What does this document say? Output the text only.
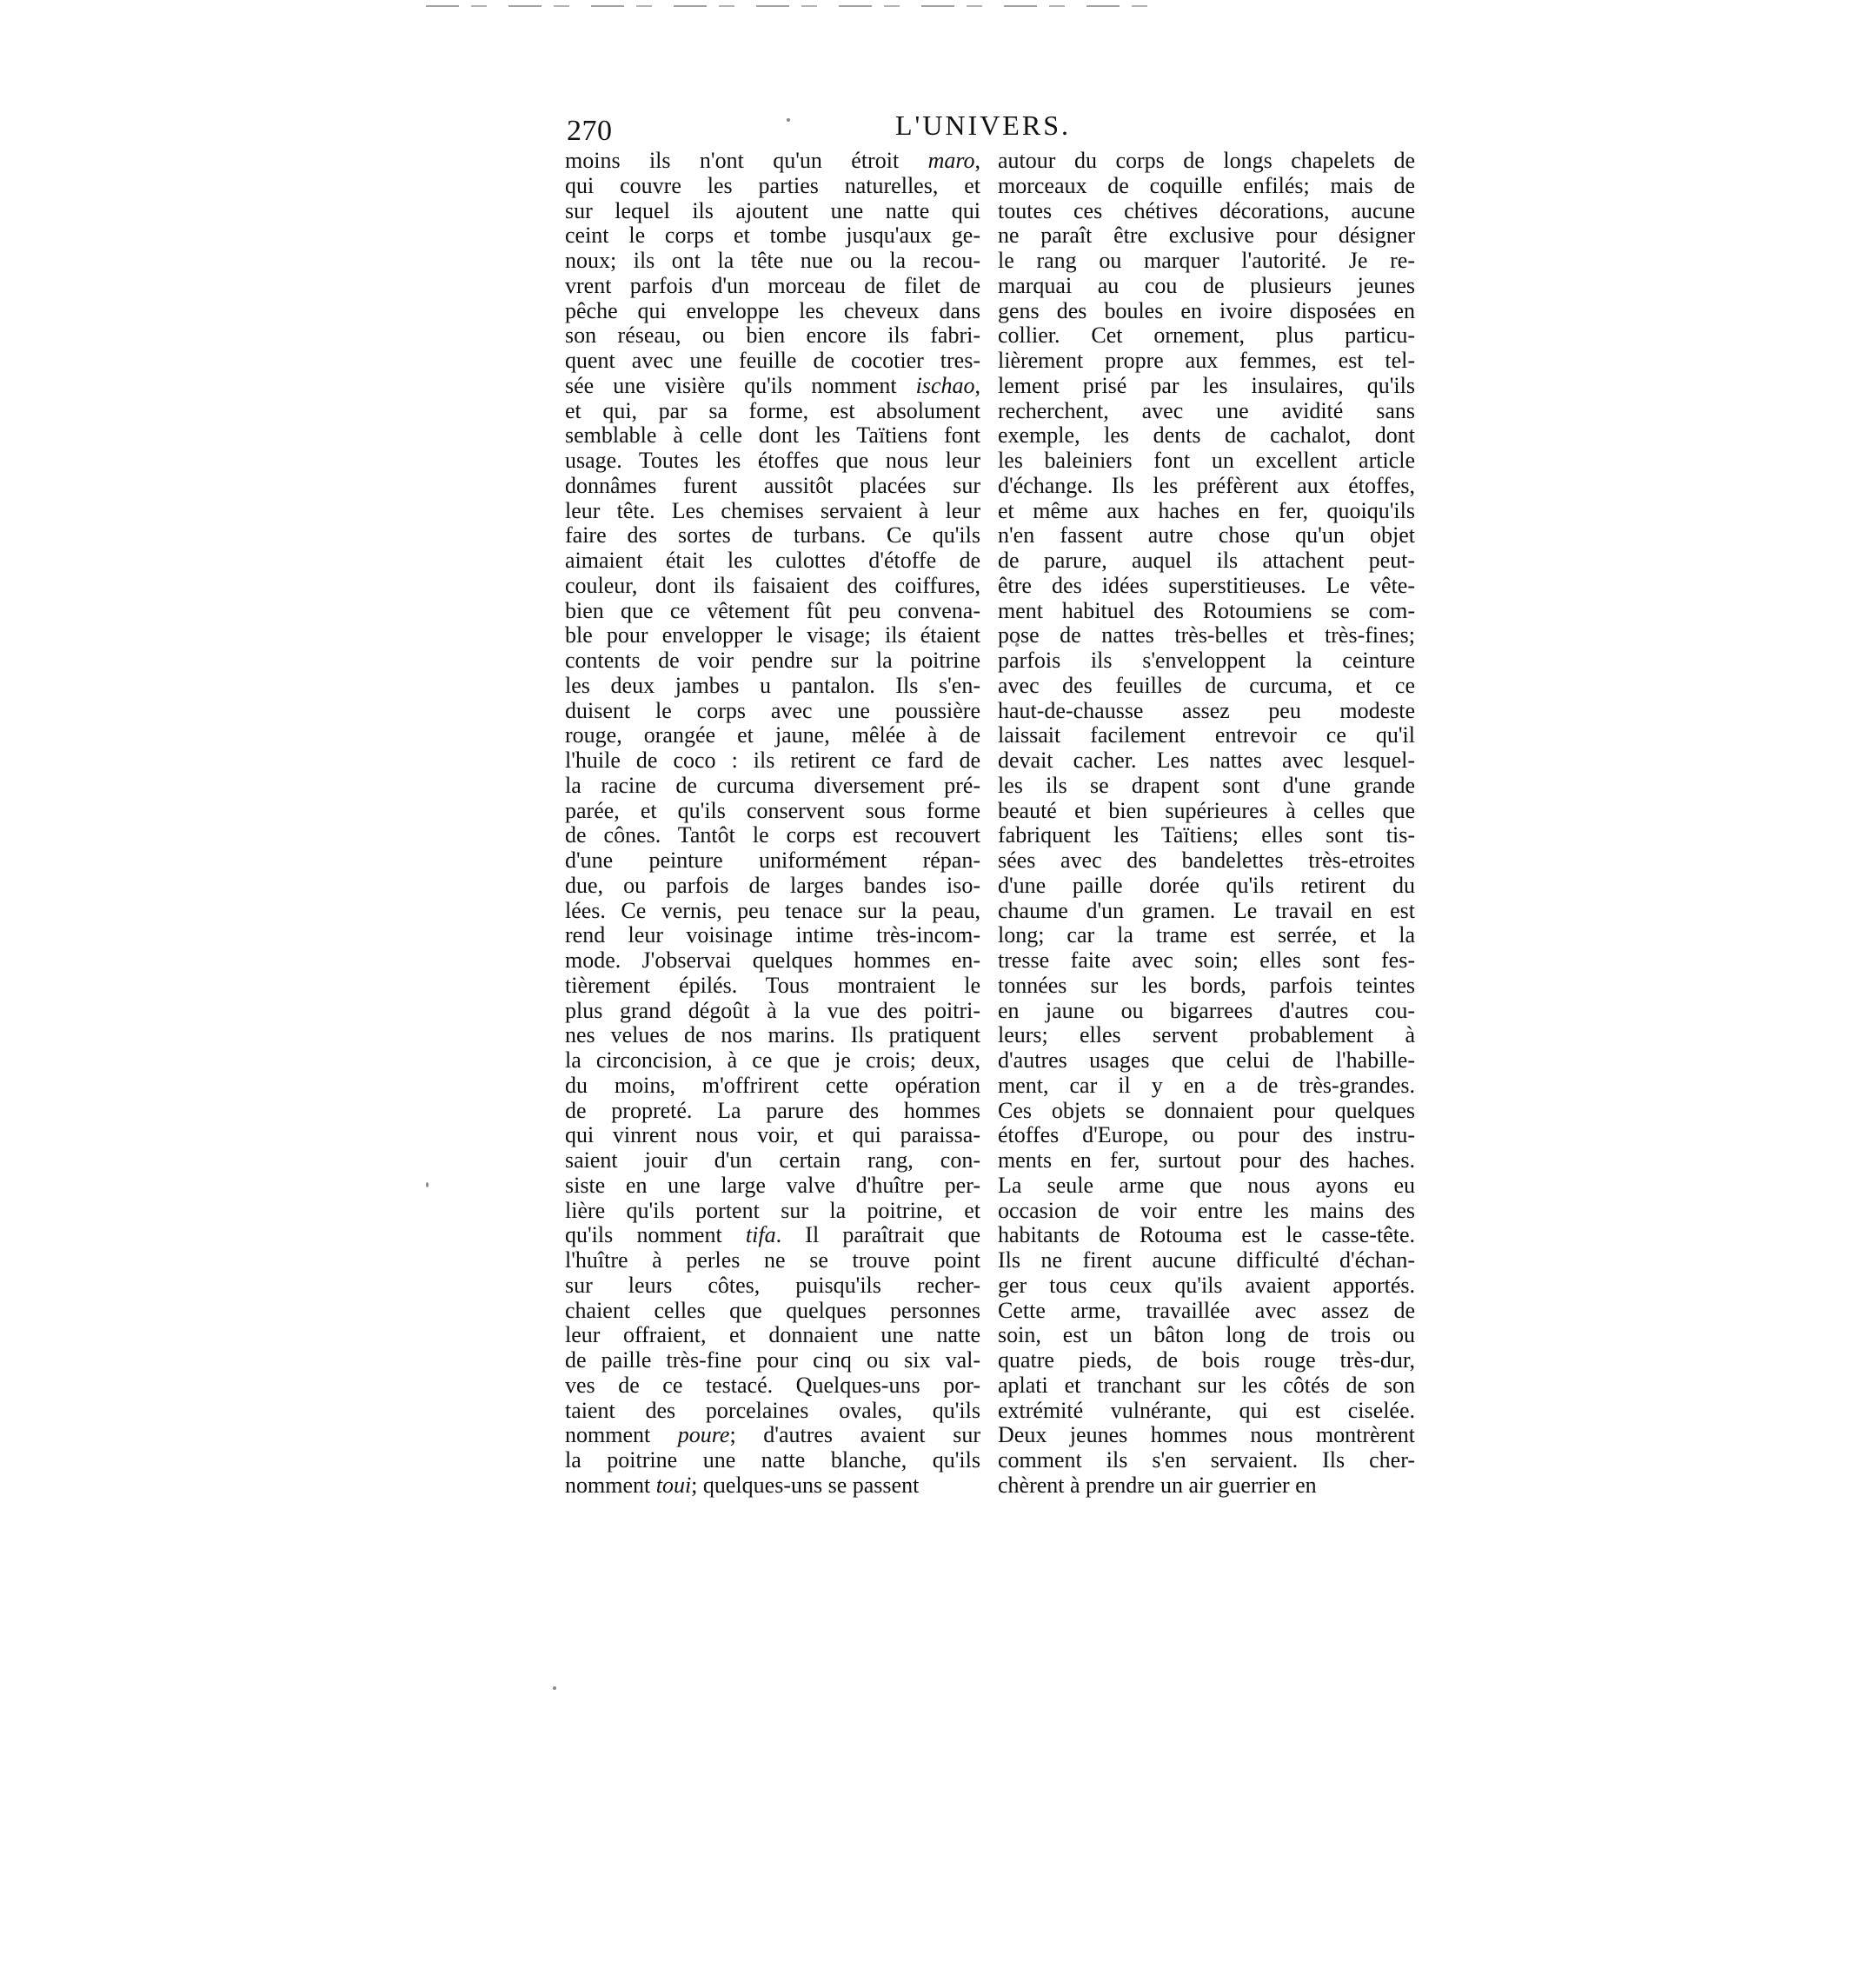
270	L'UNIVERS.
moins ils n'ont qu'un étroit maro,
qui couvre les parties naturelles, et
sur lequel ils ajoutent une natte qui
ceint le corps et tombe jusqu'aux ge-
noux; ils ont la tête nue ou la recou-
vrent parfois d'un morceau de filet de
pêche qui enveloppe les cheveux dans
son réseau, ou bien encore ils fabri-
quent avec une feuille de cocotier tres-
sée une visière qu'ils nomment ischao,
et qui, par sa forme, est absolument
semblable à celle dont les Taïtiens font
usage. Toutes les étoffes que nous leur
donnâmes furent aussitôt placées sur
leur tête. Les chemises servaient à leur
faire des sortes de turbans. Ce qu'ils
aimaient était les culottes d'étoffe de
couleur, dont ils faisaient des coiffures,
bien que ce vêtement fût peu convena-
ble pour envelopper le visage; ils étaient
contents de voir pendre sur la poitrine
les deux jambes u pantalon. Ils s'en-
duisent le corps avec une poussière
rouge, orangée et jaune, mêlée à de
l'huile de coco : ils retirent ce fard de
la racine de curcuma diversement pré-
parée, et qu'ils conservent sous forme
de cônes. Tantôt le corps est recouvert
d'une peinture uniformément répan-
due, ou parfois de larges bandes iso-
lées. Ce vernis, peu tenace sur la peau,
rend leur voisinage intime très-incom-
mode. J'observai quelques hommes en-
tièrement épilés. Tous montraient le
plus grand dégoût à la vue des poitri-
nes velues de nos marins. Ils pratiquent
la circoncision, à ce que je crois; deux,
du moins, m'offrirent cette opération
de propreté. La parure des hommes
qui vinrent nous voir, et qui paraissa-
saient jouir d'un certain rang, con-
siste en une large valve d'huître per-
lière qu'ils portent sur la poitrine, et
qu'ils nomment tifa. Il paraîtrait que
l'huître à perles ne se trouve point
sur leurs côtes, puisqu'ils recher-
chaient celles que quelques personnes
leur offraient, et donnaient une natte
de paille très-fine pour cinq ou six val-
ves de ce testacé. Quelques-uns por-
taient des porcelaines ovales, qu'ils
nomment poure; d'autres avaient sur
la poitrine une natte blanche, qu'ils
nomment toui; quelques-uns se passent
autour du corps de longs chapelets de
morceaux de coquille enfilés; mais de
toutes ces chétives décorations, aucune
ne paraît être exclusive pour désigner
le rang ou marquer l'autorité. Je re-
marquai au cou de plusieurs jeunes
gens des boules en ivoire disposées en
collier. Cet ornement, plus particu-
lièrement propre aux femmes, est tel-
lement prisé par les insulaires, qu'ils
recherchent, avec une avidité sans
exemple, les dents de cachalot, dont
les baleiniers font un excellent article
d'échange. Ils les préfèrent aux étoffes,
et même aux haches en fer, quoiqu'ils
n'en fassent autre chose qu'un objet
de parure, auquel ils attachent peut-
être des idées superstitieuses. Le vête-
ment habituel des Rotoumiens se com-
pose de nattes très-belles et très-fines;
parfois ils s'enveloppent la ceinture
avec des feuilles de curcuma, et ce
haut-de-chausse assez peu modeste
laissait facilement entrevoir ce qu'il
devait cacher. Les nattes avec lesquel-
les ils se drapent sont d'une grande
beauté et bien supérieures à celles que
fabriquent les Taïtiens; elles sont tis-
sées avec des bandelettes très-etroites
d'une paille dorée qu'ils retirent du
chaume d'un gramen. Le travail en est
long; car la trame est serrée, et la
tresse faite avec soin; elles sont fes-
tonnées sur les bords, parfois teintes
en jaune ou bigarrees d'autres cou-
leurs; elles servent probablement à
d'autres usages que celui de l'habille-
ment, car il y en a de très-grandes.
Ces objets se donnaient pour quelques
étoffes d'Europe, ou pour des instru-
ments en fer, surtout pour des haches.
La seule arme que nous ayons eu
occasion de voir entre les mains des
habitants de Rotouma est le casse-tête.
Ils ne firent aucune difficulté d'échan-
ger tous ceux qu'ils avaient apportés.
Cette arme, travaillée avec assez de
soin, est un bâton long de trois ou
quatre pieds, de bois rouge très-dur,
aplati et tranchant sur les côtés de son
extrémité vulnérante, qui est ciselée.
Deux jeunes hommes nous montrèrent
comment ils s'en servaient. Ils cher-
chèrent à prendre un air guerrier en
